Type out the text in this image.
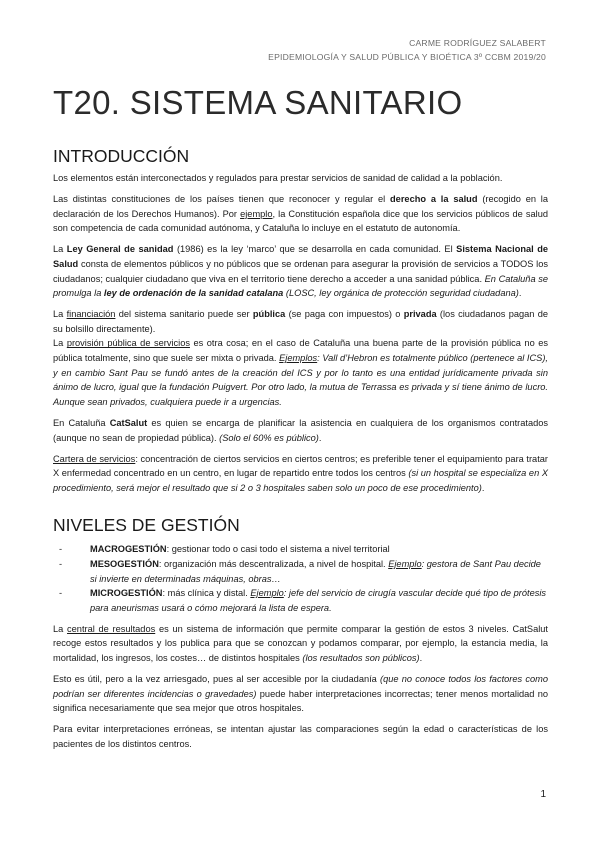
CARME RODRÍGUEZ SALABERT
EPIDEMIOLOGÍA Y SALUD PÚBLICA Y BIOÉTICA 3º CCBM 2019/20
T20. SISTEMA SANITARIO
INTRODUCCIÓN

Los elementos están interconectados y regulados para prestar servicios de sanidad de calidad a la población.

Las distintas constituciones de los países tienen que reconocer y regular el derecho a la salud (recogido en la declaración de los Derechos Humanos). Por ejemplo, la Constitución española dice que los servicios públicos de salud son competencia de cada comunidad autónoma, y Cataluña lo incluye en el estatuto de autonomía.

La Ley General de sanidad (1986) es la ley ‘marco’ que se desarrolla en cada comunidad. El Sistema Nacional de Salud consta de elementos públicos y no públicos que se ordenan para asegurar la provisión de servicios a TODOS los ciudadanos; cualquier ciudadano que viva en el territorio tiene derecho a acceder a una sanidad pública. En Cataluña se promulga la ley de ordenación de la sanidad catalana (LOSC, ley orgánica de protección seguridad ciudadana).

La financiación del sistema sanitario puede ser pública (se paga con impuestos) o privada (los ciudadanos pagan de su bolsillo directamente).

La provisión pública de servicios es otra cosa; en el caso de Cataluña una buena parte de la provisión pública no es pública totalmente, sino que suele ser mixta o privada. Ejemplos: Vall d’Hebron es totalmente público (pertenece al ICS), y en cambio Sant Pau se fundó antes de la creación del ICS y por lo tanto es una entidad jurídicamente privada sin ánimo de lucro, igual que la fundación Puigvert. Por otro lado, la mutua de Terrassa es privada y sí tiene ánimo de lucro. Aunque sean privados, cualquiera puede ir a urgencias.

En Cataluña CatSalut es quien se encarga de planificar la asistencia en cualquiera de los organismos contratados (aunque no sean de propiedad pública). (Solo el 60% es público).

Cartera de servicios: concentración de ciertos servicios en ciertos centros; es preferible tener el equipamiento para tratar X enfermedad concentrado en un centro, en lugar de repartido entre todos los centros (si un hospital se especializa en X procedimiento, será mejor el resultado que si 2 o 3 hospitales saben solo un poco de ese procedimiento).

NIVELES DE GESTIÓN
-	MACROGESTIÓN: gestionar todo o casi todo el sistema a nivel territorial
-	MESOGESTIÓN: organización más descentralizada, a nivel de hospital. Ejemplo: gestora de Sant Pau decide si invierte en determinadas máquinas, obras…
-	MICROGESTIÓN: más clínica y distal. Ejemplo: jefe del servicio de cirugía vascular decide qué tipo de prótesis para aneurismas usará o cómo mejorará la lista de espera.

La central de resultados es un sistema de información que permite comparar la gestión de estos 3 niveles. CatSalut recoge estos resultados y los publica para que se conozcan y podamos comparar, por ejemplo, la estancia media, la mortalidad, los ingresos, los costes… de distintos hospitales (los resultados son públicos).

Esto es útil, pero a la vez arriesgado, pues al ser accesible por la ciudadanía (que no conoce todos los factores como podrían ser diferentes incidencias o gravedades) puede haber interpretaciones incorrectas; tener menos mortalidad no significa necesariamente que sea mejor que otros hospitales.

Para evitar interpretaciones erróneas, se intentan ajustar las comparaciones según la edad o características de los pacientes de los distintos centros.

1
